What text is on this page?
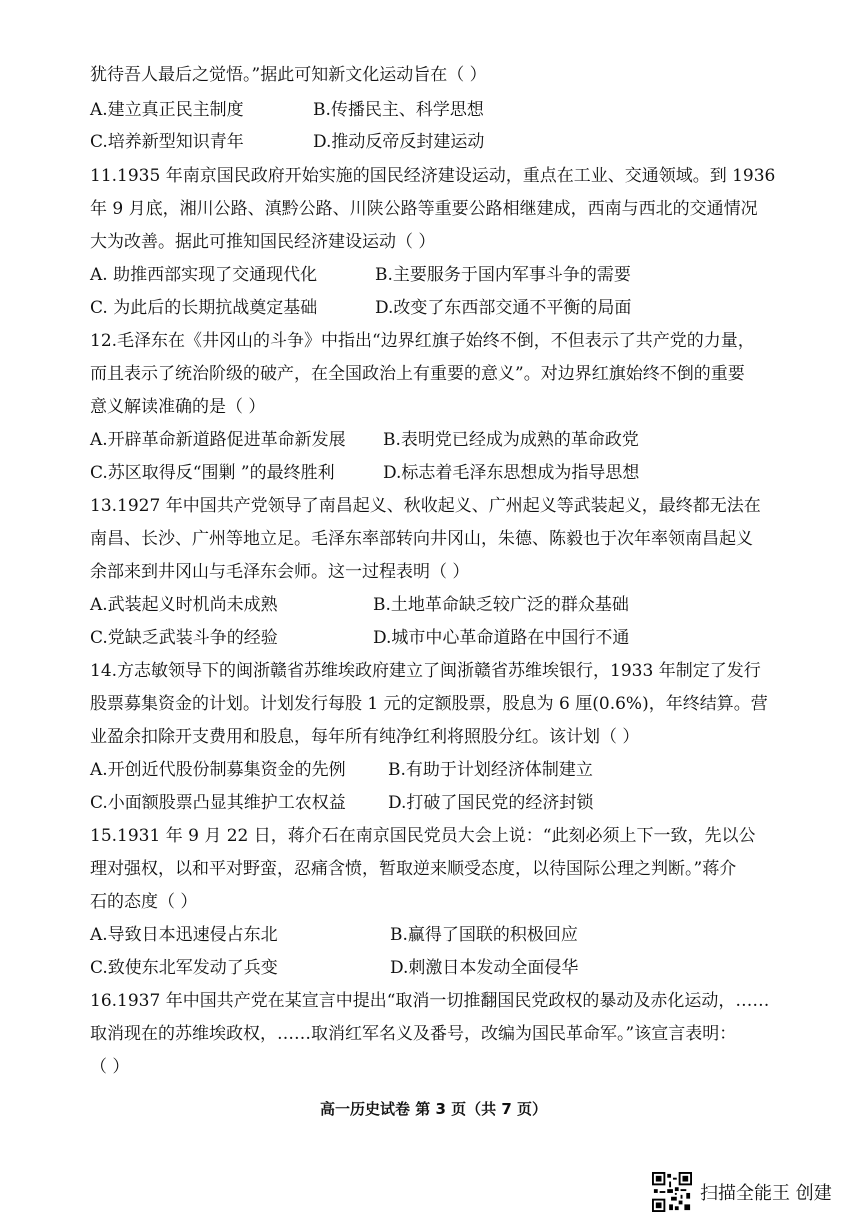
犹待吾人最后之觉悟。”据此可知新文化运动旨在（ ）
A.建立真正民主制度	B.传播民主、科学思想
C.培养新型知识青年	D.推动反帝反封建运动
11.1935 年南京国民政府开始实施的国民经济建设运动，重点在工业、交通领域。到 1936
年 9 月底，湘川公路、滇黔公路、川陕公路等重要公路相继建成，西南与西北的交通情况
大为改善。据此可推知国民经济建设运动（ ）
A. 助推西部实现了交通现代化	B.主要服务于国内军事斗争的需要
C. 为此后的长期抗战奠定基础	D.改变了东西部交通不平衡的局面
12.毛泽东在《井冈山的斗争》中指出“边界红旗子始终不倒，不但表示了共产党的力量，
而且表示了统治阶级的破产，在全国政治上有重要的意义”。对边界红旗始终不倒的重要
意义解读准确的是（ ）
A.开辟革命新道路促进革命新发展 B.表明党已经成为成熟的革命政党
C.苏区取得反“围剿 ”的最终胜利	D.标志着毛泽东思想成为指导思想
13.1927 年中国共产党领导了南昌起义、秋收起义、广州起义等武装起义，最终都无法在
南昌、长沙、广州等地立足。毛泽东率部转向井冈山，朱德、陈毅也于次年率领南昌起义
余部来到井冈山与毛泽东会师。这一过程表明（ ）
A.武装起义时机尚未成熟	B.土地革命缺乏较广泛的群众基础
C.党缺乏武装斗争的经验	D.城市中心革命道路在中国行不通
14.方志敏领导下的闽浙赣省苏维埃政府建立了闽浙赣省苏维埃银行，1933 年制定了发行
股票募集资金的计划。计划发行每股 1 元的定额股票，股息为 6 厘(0.6%)，年终结算。营
业盈余扣除开支费用和股息，每年所有纯净红利将照股分红。该计划（ ）
A.开创近代股份制募集资金的先例 B.有助于计划经济体制建立
C.小面额股票凸显其维护工农权益 D.打破了国民党的经济封锁
15.1931 年 9 月 22 日，蒋介石在南京国民党员大会上说：“此刻必须上下一致，先以公
理对强权，以和平对野蛮，忍痛含愤，暂取逆来顺受态度，以待国际公理之判断。”蒋介
石的态度（ ）
A.导致日本迅速侵占东北	B.赢得了国联的积极回应
C.致使东北军发动了兵变	D.刺激日本发动全面侵华
16.1937 年中国共产党在某宣言中提出“取消一切推翻国民党政权的暴动及赤化运动，……
取消现在的苏维埃政权，……取消红军名义及番号，改编为国民革命军。”该宣言表明：
（ ）
高一历史试卷 第 3 页（共 7 页）
扫描全能王 创建
